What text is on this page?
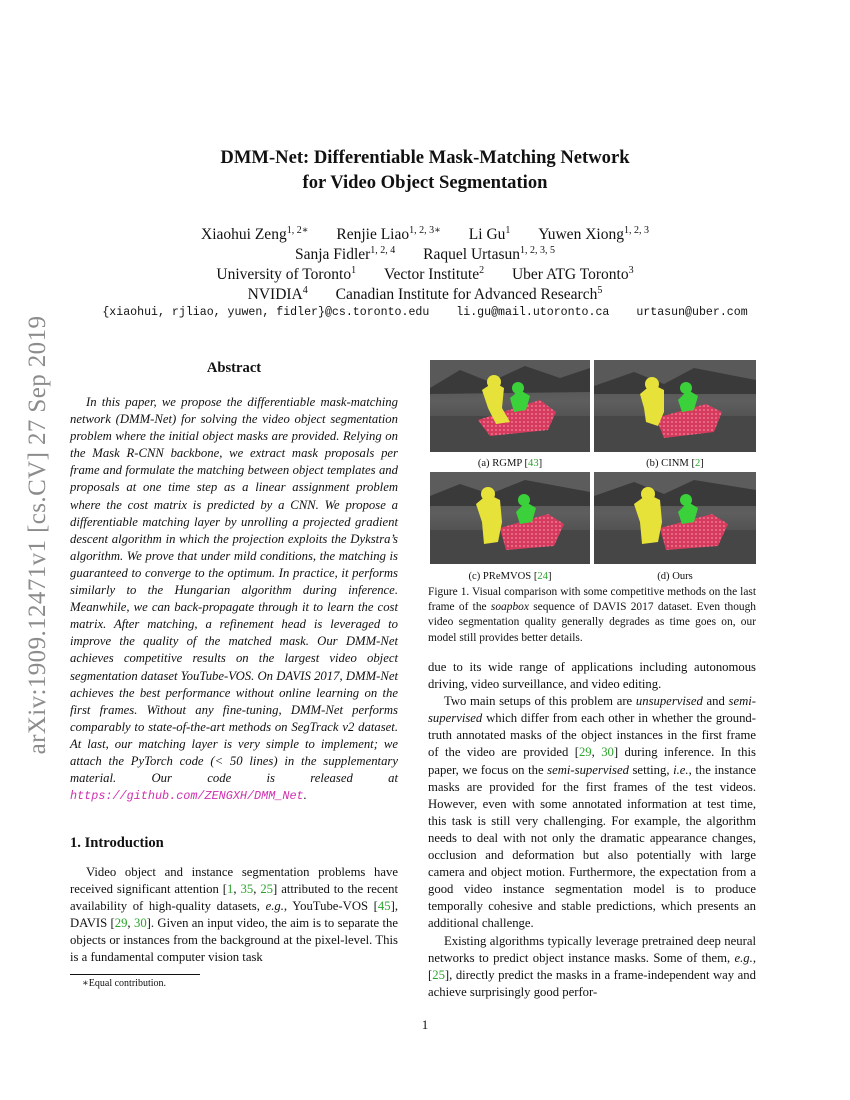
arXiv:1909.12471v1 [cs.CV] 27 Sep 2019
DMM-Net: Differentiable Mask-Matching Network
for Video Object Segmentation
Xiaohui Zeng$^{1, 2∗}$ Renjie Liao$^{1, 2, 3∗}$ Li Gu$^1$ Yuwen Xiong$^{1, 2, 3}$
Sanja Fidler$^{1, 2, 4}$ Raquel Urtasun$^{1, 2, 3, 5}$
University of Toronto$^1$ Vector Institute$^2$ Uber ATG Toronto$^3$
NVIDIA$^4$ Canadian Institute for Advanced Research$^5$
{xiaohui, rjliao, yuwen, fidler}@cs.toronto.edu li.gu@mail.utoronto.ca urtasun@uber.com
Abstract

In this paper, we propose the differentiable mask-matching network (DMM-Net) for solving the video object segmentation problem where the initial object masks are provided. Relying on the Mask R-CNN backbone, we extract mask proposals per frame and formulate the matching between object templates and proposals at one time step as a linear assignment problem where the cost matrix is predicted by a CNN. We propose a differentiable matching layer by unrolling a projected gradient descent algorithm in which the projection exploits the Dykstra’s algorithm. We prove that under mild conditions, the matching is guaranteed to converge to the optimum. In practice, it performs similarly to the Hungarian algorithm during inference. Meanwhile, we can back-propagate through it to learn the cost matrix. After matching, a refinement head is leveraged to improve the quality of the matched mask. Our DMM-Net achieves competitive results on the largest video object segmentation dataset YouTube-VOS. On DAVIS 2017, DMM-Net achieves the best performance without online learning on the first frames. Without any fine-tuning, DMM-Net performs comparably to state-of-the-art methods on SegTrack v2 dataset. At last, our matching layer is very simple to implement; we attach the PyTorch code (< 50 lines) in the supplementary material. Our code is released at https://github.com/ZENGXH/DMM_Net.

1. Introduction

Video object and instance segmentation problems have received significant attention [1, 35, 25] attributed to the recent availability of high-quality datasets, e.g., YouTube-VOS [45], DAVIS [29, 30]. Given an input video, the aim is to separate the objects or instances from the background at the pixel-level. This is a fundamental computer vision task

∗Equal contribution.
(a) RGMP [43]	(b) CINM [2]
(c) PReMVOS [24]	(d) Ours
Figure 1. Visual comparison with some competitive methods on the last frame of the soapbox sequence of DAVIS 2017 dataset. Even though video segmentation quality generally degrades as time goes on, our model still provides better details.

due to its wide range of applications including autonomous driving, video surveillance, and video editing.

Two main setups of this problem are unsupervised and semi-supervised which differ from each other in whether the ground-truth annotated masks of the object instances in the first frame of the video are provided [29, 30] during inference. In this paper, we focus on the semi-supervised setting, i.e., the instance masks are provided for the first frames of the test videos. However, even with some annotated information at test time, this task is still very challenging. For example, the algorithm needs to deal with not only the dramatic appearance changes, occlusion and deformation but also potentially with large camera and object motion. Furthermore, the expectation from a good video instance segmentation model is to produce temporally cohesive and stable predictions, which presents an additional challenge.

Existing algorithms typically leverage pretrained deep neural networks to predict object instance masks. Some of them, e.g., [25], directly predict the masks in a frame-independent way and achieve surprisingly good perfor-

1
